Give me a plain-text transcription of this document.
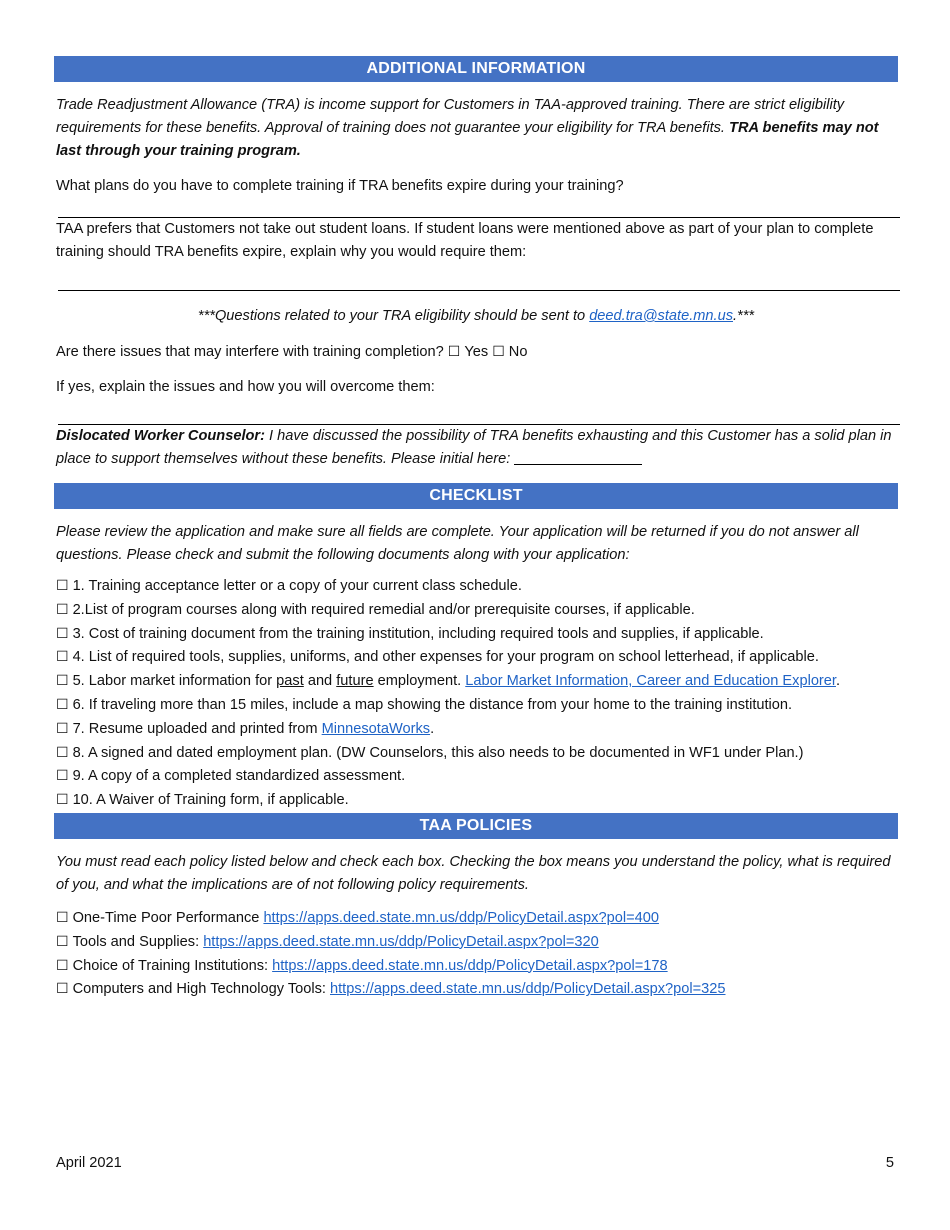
ADDITIONAL INFORMATION

Trade Readjustment Allowance (TRA) is income support for Customers in TAA-approved training. There are strict eligibility requirements for these benefits. Approval of training does not guarantee your eligibility for TRA benefits. TRA benefits may not last through your training program.

What plans do you have to complete training if TRA benefits expire during your training?

TAA prefers that Customers not take out student loans. If student loans were mentioned above as part of your plan to complete training should TRA benefits expire, explain why you would require them:

***Questions related to your TRA eligibility should be sent to deed.tra@state.mn.us.***

Are there issues that may interfere with training completion? ☐ Yes ☐ No

If yes, explain the issues and how you will overcome them:

Dislocated Worker Counselor: I have discussed the possibility of TRA benefits exhausting and this Customer has a solid plan in place to support themselves without these benefits. Please initial here:

CHECKLIST

Please review the application and make sure all fields are complete. Your application will be returned if you do not answer all questions. Please check and submit the following documents along with your application:

☐ 1. Training acceptance letter or a copy of your current class schedule.
☐ 2.List of program courses along with required remedial and/or prerequisite courses, if applicable.
☐ 3. Cost of training document from the training institution, including required tools and supplies, if applicable.
☐ 4. List of required tools, supplies, uniforms, and other expenses for your program on school letterhead, if applicable.
☐ 5. Labor market information for past and future employment. Labor Market Information, Career and Education Explorer.
☐ 6. If traveling more than 15 miles, include a map showing the distance from your home to the training institution.
☐ 7. Resume uploaded and printed from MinnesotaWorks.
☐ 8. A signed and dated employment plan. (DW Counselors, this also needs to be documented in WF1 under Plan.)
☐ 9. A copy of a completed standardized assessment.
☐ 10. A Waiver of Training form, if applicable.
TAA POLICIES

You must read each policy listed below and check each box. Checking the box means you understand the policy, what is required of you, and what the implications are of not following policy requirements.

☐ One-Time Poor Performance https://apps.deed.state.mn.us/ddp/PolicyDetail.aspx?pol=400
☐ Tools and Supplies: https://apps.deed.state.mn.us/ddp/PolicyDetail.aspx?pol=320
☐ Choice of Training Institutions: https://apps.deed.state.mn.us/ddp/PolicyDetail.aspx?pol=178
☐ Computers and High Technology Tools: https://apps.deed.state.mn.us/ddp/PolicyDetail.aspx?pol=325
April 2021	5
